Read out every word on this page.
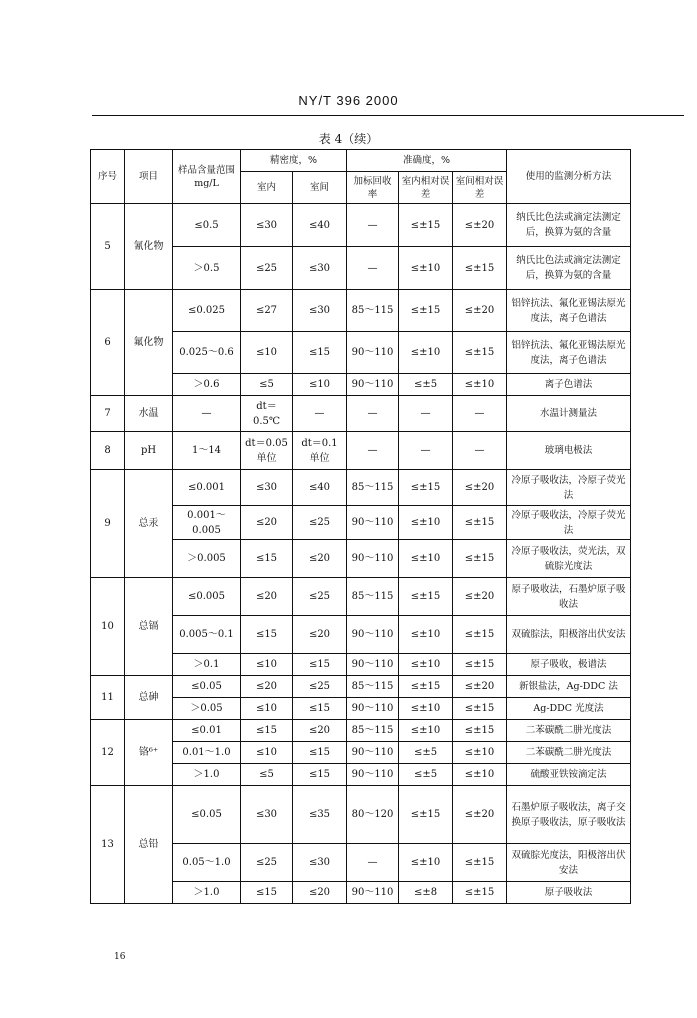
NY/T 396 2000
表 4（续）
序号	项目	样品含量范围 mg/L	精密度，%		准确度，%			使用的监测分析方法
			室内	室间	加标回收率	室内相对误差	室间相对误差	
5	氰化物	≤0.5	≤30	≤40	—	≤±15	≤±20	纳氏比色法或滴定法测定后，换算为氨的含量
		＞0.5	≤25	≤30	—	≤±10	≤±15	纳氏比色法或滴定法测定后，换算为氨的含量
6	氟化物	≤0.025	≤27	≤30	85～115	≤±15	≤±20	铝锌抗法、氟化亚锡法原光度法，离子色谱法
		0.025～0.6	≤10	≤15	90～110	≤±10	≤±15	铝锌抗法、氟化亚锡法原光度法，离子色谱法
		＞0.6	≤5	≤10	90～110	≤±5	≤±10	离子色谱法
7	水温	—	dt＝0.5℃	—	—	—	—	水温计测量法
8	pH	1～14	dt＝0.05 单位	dt＝0.1 单位	—	—	—	玻璃电极法
9	总汞	≤0.001	≤30	≤40	85～115	≤±15	≤±20	冷原子吸收法，冷原子荧光法
		0.001～0.005	≤20	≤25	90～110	≤±10	≤±15	冷原子吸收法，冷原子荧光法
		＞0.005	≤15	≤20	90～110	≤±10	≤±15	冷原子吸收法，荧光法，双硫腙光度法
10	总镉	≤0.005	≤20	≤25	85～115	≤±15	≤±20	原子吸收法，石墨炉原子吸收法
		0.005～0.1	≤15	≤20	90～110	≤±10	≤±15	双硫腙法，阳极溶出伏安法
		＞0.1	≤10	≤15	90～110	≤±10	≤±15	原子吸收，极谱法
11	总砷	≤0.05	≤20	≤25	85～115	≤±15	≤±20	新银盐法，Ag-DDC 法
		＞0.05	≤10	≤15	90～110	≤±10	≤±15	Ag-DDC 光度法
12	铬⁶⁺	≤0.01	≤15	≤20	85～115	≤±10	≤±15	二苯碳酰二肼光度法
		0.01～1.0	≤10	≤15	90～110	≤±5	≤±10	二苯碳酰二肼光度法
		＞1.0	≤5	≤15	90～110	≤±5	≤±10	硫酸亚铁铵滴定法
13	总铅	≤0.05	≤30	≤35	80～120	≤±15	≤±20	石墨炉原子吸收法，离子交换原子吸收法，原子吸收法
		0.05～1.0	≤25	≤30	—	≤±10	≤±15	双硫腙光度法，阳极溶出伏安法
		＞1.0	≤15	≤20	90～110	≤±8	≤±15	原子吸收法
16
